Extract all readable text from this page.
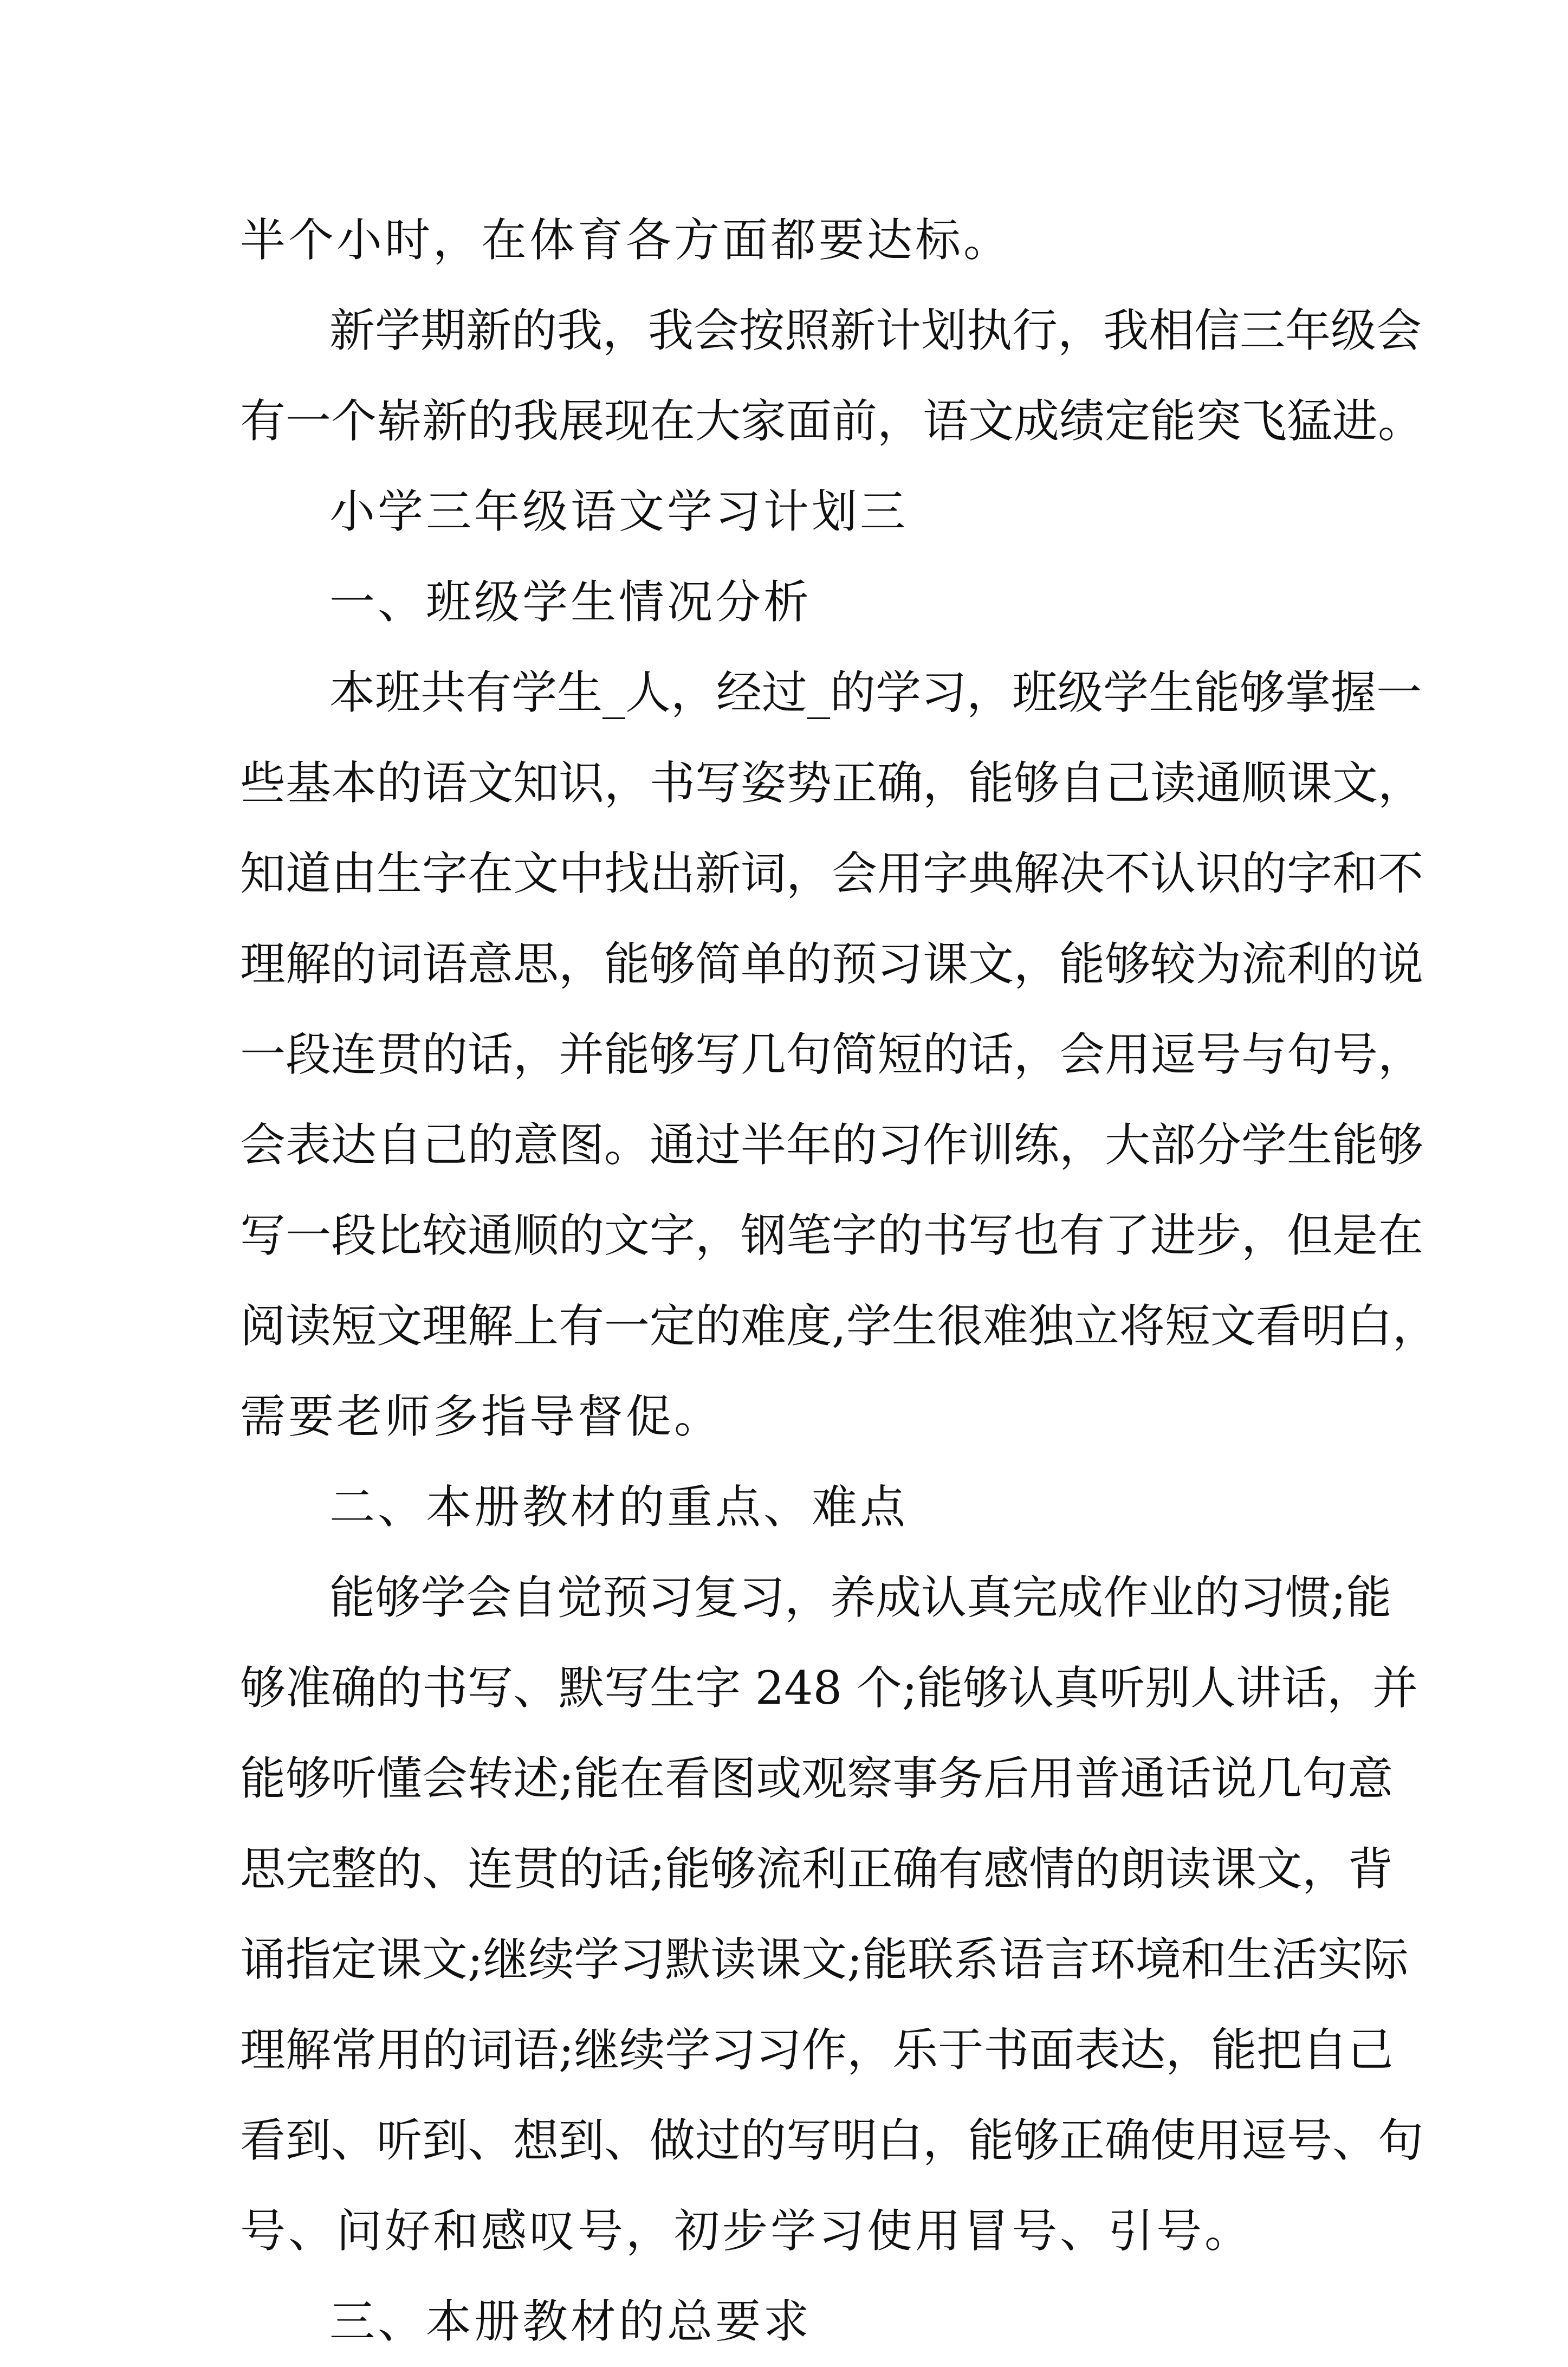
半个小时，在体育各方面都要达标。
新学期新的我，我会按照新计划执行，我相信三年级会
有一个崭新的我展现在大家面前，语文成绩定能突飞猛进。
小学三年级语文学习计划三
一、班级学生情况分析
本班共有学生_人，经过_的学习，班级学生能够掌握一
些基本的语文知识，书写姿势正确，能够自己读通顺课文，
知道由生字在文中找出新词，会用字典解决不认识的字和不
理解的词语意思，能够简单的预习课文，能够较为流利的说
一段连贯的话，并能够写几句简短的话，会用逗号与句号，
会表达自己的意图。通过半年的习作训练，大部分学生能够
写一段比较通顺的文字，钢笔字的书写也有了进步，但是在
阅读短文理解上有一定的难度,学生很难独立将短文看明白，
需要老师多指导督促。
二、本册教材的重点、难点
能够学会自觉预习复习，养成认真完成作业的习惯;能
够准确的书写、默写生字 248 个;能够认真听别人讲话，并
能够听懂会转述;能在看图或观察事务后用普通话说几句意
思完整的、连贯的话;能够流利正确有感情的朗读课文，背
诵指定课文;继续学习默读课文;能联系语言环境和生活实际
理解常用的词语;继续学习习作，乐于书面表达，能把自己
看到、听到、想到、做过的写明白，能够正确使用逗号、句
号、问好和感叹号，初步学习使用冒号、引号。
三、本册教材的总要求
